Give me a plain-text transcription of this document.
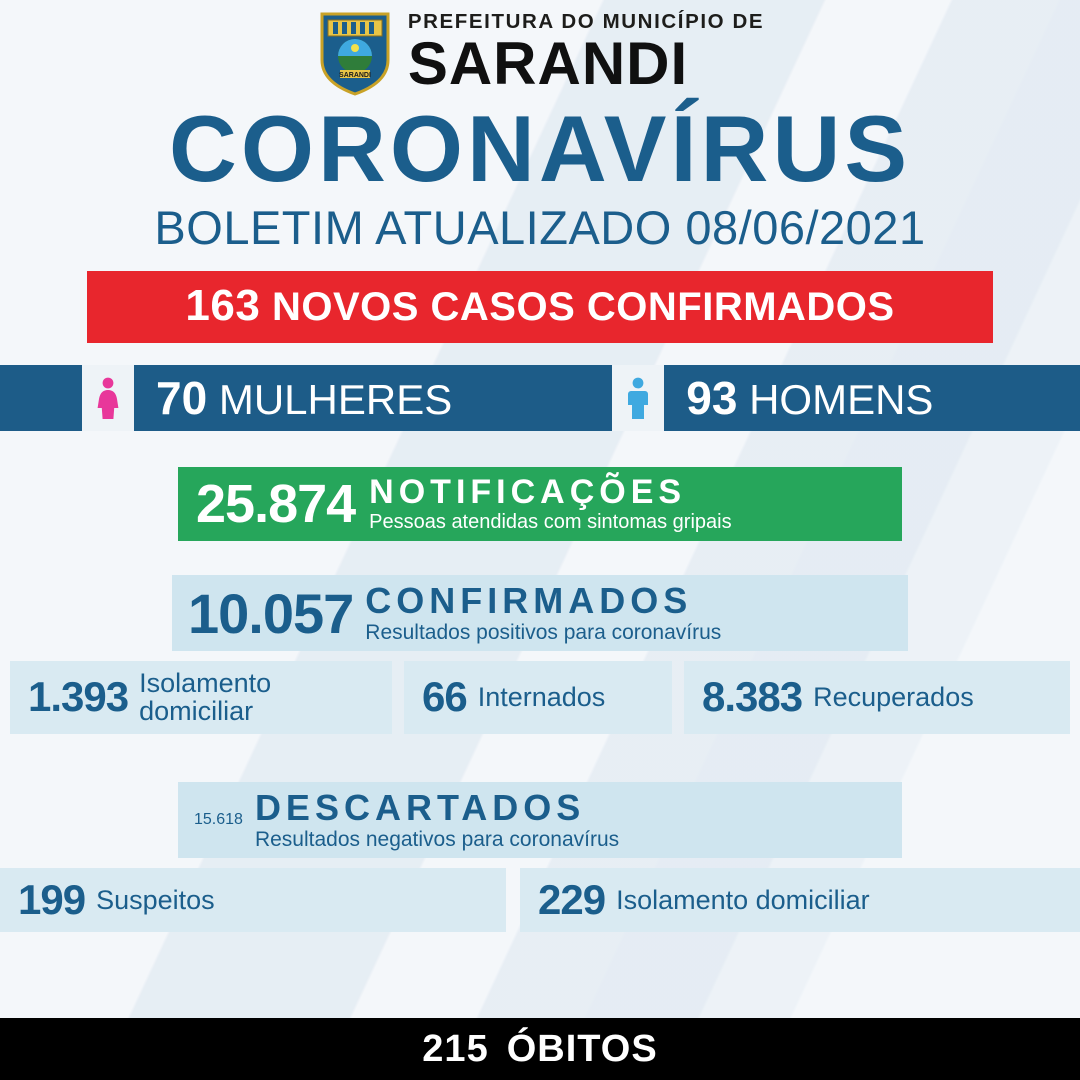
SARANDI
PREFEITURA DO MUNICÍPIO DE
SARANDI
CORONAVÍRUS
BOLETIM ATUALIZADO 08/06/2021
163 NOVOS CASOS CONFIRMADOS
70 MULHERES	93 HOMENS
25.874 NOTIFICAÇÕES
Pessoas atendidas com sintomas gripais
10.057 CONFIRMADOS
Resultados positivos para coronavírus
1.393 Isolamento domiciliar	66 Internados 8.383 Recuperados
15.618 DESCARTADOS
Resultados negativos para coronavírus
199 Suspeitos	229 Isolamento domiciliar
215 ÓBITOS
